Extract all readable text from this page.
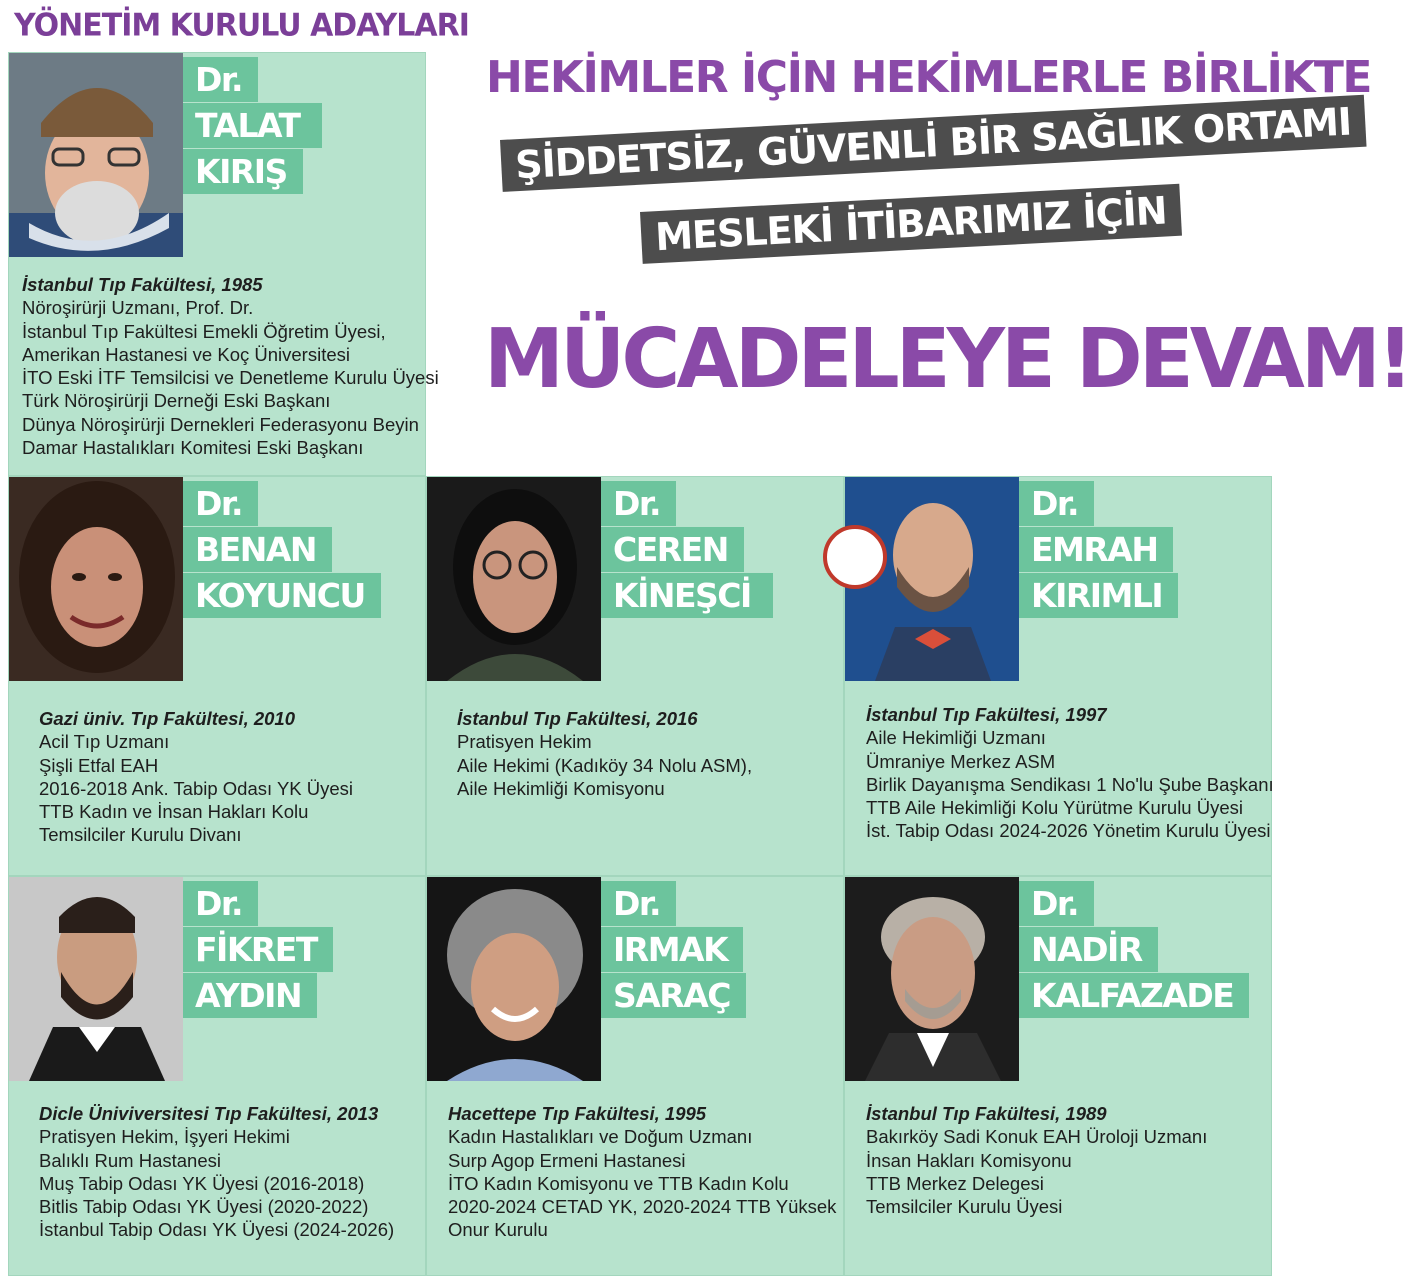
YÖNETİM KURULU ADAYLARI
Dr.
TALAT
KIRIŞ
İstanbul Tıp Fakültesi, 1985
Nöroşirürji Uzmanı, Prof. Dr.
İstanbul Tıp Fakültesi Emekli Öğretim Üyesi,
Amerikan Hastanesi ve Koç Üniversitesi
İTO Eski İTF Temsilcisi ve Denetleme Kurulu Üyesi
Türk Nöroşirürji Derneği Eski Başkanı
Dünya Nöroşirürji Dernekleri Federasyonu Beyin
Damar Hastalıkları Komitesi Eski Başkanı
HEKİMLER İÇİN HEKİMLERLE BİRLİKTE
ŞİDDETSİZ, GÜVENLİ BİR SAĞLIK ORTAMI
MESLEKİ İTİBARIMIZ İÇİN
MÜCADELEYE DEVAM!
Dr.
BENAN
KOYUNCU
Gazi üniv. Tıp Fakültesi, 2010
Acil Tıp Uzmanı
Şişli Etfal EAH
2016-2018 Ank. Tabip Odası YK Üyesi
TTB Kadın ve İnsan Hakları Kolu
Temsilciler Kurulu Divanı
Dr.
CEREN
KİNEŞCİ
İstanbul Tıp Fakültesi, 2016
Pratisyen Hekim
Aile Hekimi (Kadıköy 34 Nolu ASM),
Aile Hekimliği Komisyonu
Dr.
EMRAH
KIRIMLI
İstanbul Tıp Fakültesi, 1997
Aile Hekimliği Uzmanı
Ümraniye Merkez ASM
Birlik Dayanışma Sendikası 1 No'lu Şube Başkanı
TTB Aile Hekimliği Kolu Yürütme Kurulu Üyesi
İst. Tabip Odası 2024-2026 Yönetim Kurulu Üyesi
Dr.
FİKRET
AYDIN
Dicle Üniviversitesi Tıp Fakültesi, 2013
Pratisyen Hekim, İşyeri Hekimi
Balıklı Rum Hastanesi
Muş Tabip Odası YK Üyesi (2016-2018)
Bitlis Tabip Odası YK Üyesi (2020-2022)
İstanbul Tabip Odası YK Üyesi (2024-2026)
Dr.
IRMAK
SARAÇ
Hacettepe Tıp Fakültesi, 1995
Kadın Hastalıkları ve Doğum Uzmanı
Surp Agop Ermeni Hastanesi
İTO Kadın Komisyonu ve TTB Kadın Kolu
2020-2024 CETAD YK, 2020-2024 TTB Yüksek
Onur Kurulu
Dr.
NADİR
KALFAZADE
İstanbul Tıp Fakültesi, 1989
Bakırköy Sadi Konuk EAH Üroloji Uzmanı
İnsan Hakları Komisyonu
TTB Merkez Delegesi
Temsilciler Kurulu Üyesi
